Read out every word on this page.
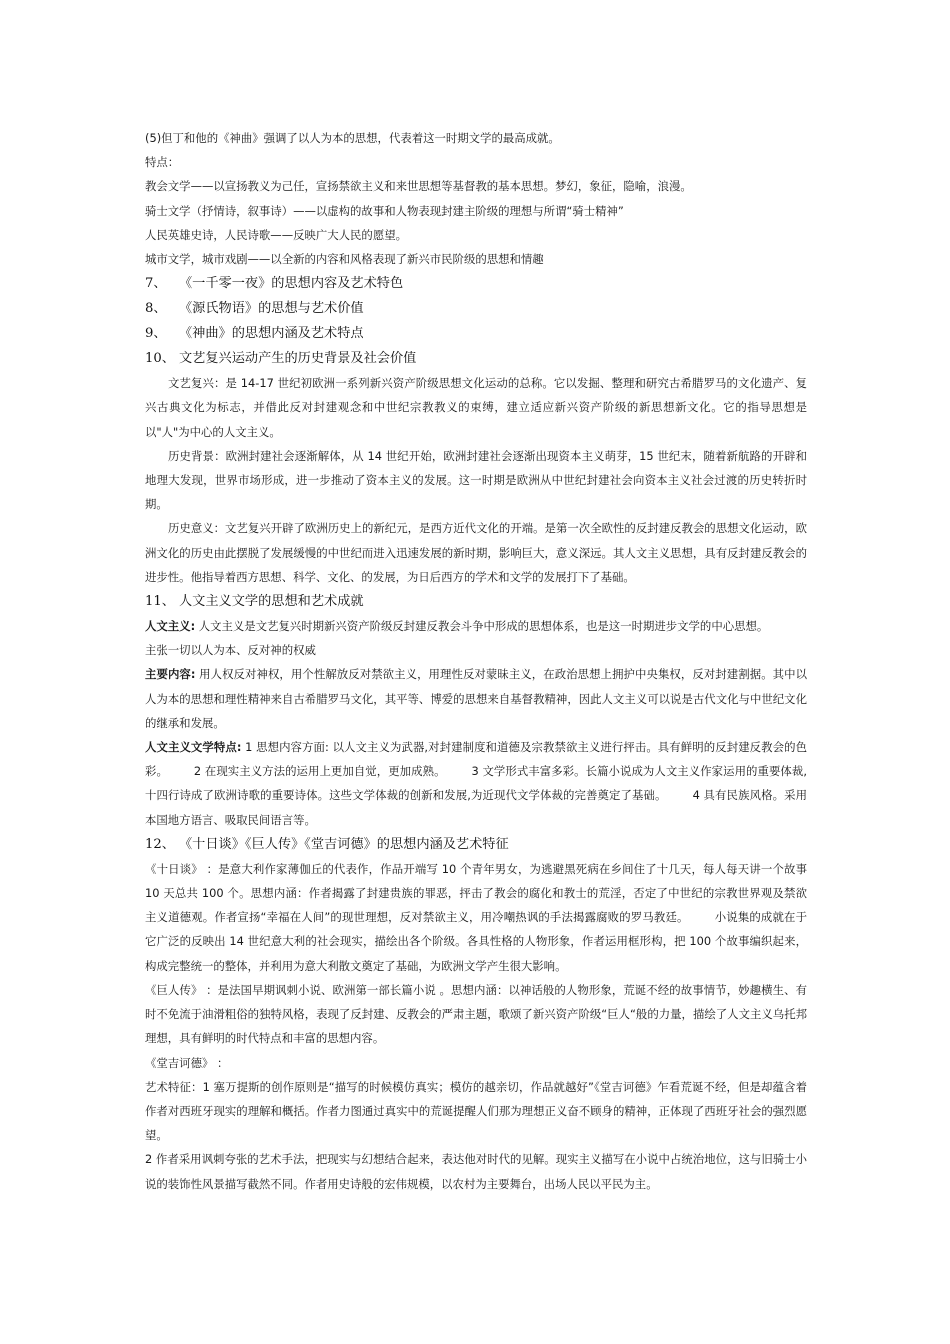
(5)但丁和他的《神曲》强调了以人为本的思想，代表着这一时期文学的最高成就。

特点：

教会文学——以宣扬教义为己任，宣扬禁欲主义和来世思想等基督教的基本思想。梦幻，象征，隐喻，浪漫。

骑士文学（抒情诗，叙事诗）——以虚构的故事和人物表现封建主阶级的理想与所谓“骑士精神”

人民英雄史诗，人民诗歌——反映广大人民的愿望。

城市文学，城市戏剧——以全新的内容和风格表现了新兴市民阶级的思想和情趣

7、 《一千零一夜》的思想内容及艺术特色

8、 《源氏物语》的思想与艺术价值

9、 《神曲》的思想内涵及艺术特点

10、 文艺复兴运动产生的历史背景及社会价值

文艺复兴：是 14-17 世纪初欧洲一系列新兴资产阶级思想文化运动的总称。它以发掘、整理和研究古希腊罗马的文化遗产、复兴古典文化为标志，并借此反对封建观念和中世纪宗教教义的束缚，建立适应新兴资产阶级的新思想新文化。它的指导思想是以"人"为中心的人文主义。

历史背景：欧洲封建社会逐渐解体，从 14 世纪开始，欧洲封建社会逐渐出现资本主义萌芽，15 世纪末，随着新航路的开辟和地理大发现，世界市场形成，进一步推动了资本主义的发展。这一时期是欧洲从中世纪封建社会向资本主义社会过渡的历史转折时期。

历史意义：文艺复兴开辟了欧洲历史上的新纪元，是西方近代文化的开端。是第一次全欧性的反封建反教会的思想文化运动，欧洲文化的历史由此摆脱了发展缓慢的中世纪而进入迅速发展的新时期，影响巨大，意义深远。其人文主义思想，具有反封建反教会的进步性。他指导着西方思想、科学、文化、的发展，为日后西方的学术和文学的发展打下了基础。

11、 人文主义文学的思想和艺术成就

人文主义: 人文主义是文艺复兴时期新兴资产阶级反封建反教会斗争中形成的思想体系，也是这一时期进步文学的中心思想。

主张一切以人为本、反对神的权威

主要内容: 用人权反对神权，用个性解放反对禁欲主义，用理性反对蒙昧主义，在政治思想上拥护中央集权，反对封建割据。其中以人为本的思想和理性精神来自古希腊罗马文化，其平等、博爱的思想来自基督教精神，因此人文主义可以说是古代文化与中世纪文化的继承和发展。

人文主义文学特点: 1 思想内容方面: 以人文主义为武器,对封建制度和道德及宗教禁欲主义进行抨击。具有鲜明的反封建反教会的色彩。 2 在现实主义方法的运用上更加自觉，更加成熟。 3 文学形式丰富多彩。长篇小说成为人文主义作家运用的重要体裁,十四行诗成了欧洲诗歌的重要诗体。这些文学体裁的创新和发展,为近现代文学体裁的完善奠定了基础。 4 具有民族风格。采用本国地方语言、吸取民间语言等。

12、 《十日谈》《巨人传》《堂吉诃德》的思想内涵及艺术特征

《十日谈》 ：是意大利作家薄伽丘的代表作，作品开端写 10 个青年男女，为逃避黑死病在乡间住了十几天，每人每天讲一个故事 10 天总共 100 个。思想内涵：作者揭露了封建贵族的罪恶，抨击了教会的腐化和教士的荒淫，否定了中世纪的宗教世界观及禁欲主义道德观。作者宣扬“幸福在人间”的现世理想，反对禁欲主义，用冷嘲热讽的手法揭露腐败的罗马教廷。 小说集的成就在于它广泛的反映出 14 世纪意大利的社会现实，描绘出各个阶级。各具性格的人物形象，作者运用框形构，把 100 个故事编织起来，构成完整统一的整体，并利用为意大利散文奠定了基础，为欧洲文学产生很大影响。

《巨人传》 ：是法国早期讽刺小说、欧洲第一部长篇小说 。思想内涵：以神话般的人物形象，荒诞不经的故事情节，妙趣横生、有时不免流于油滑粗俗的独特风格，表现了反封建、反教会的严肃主题，歌颂了新兴资产阶级“巨人“般的力量，描绘了人文主义乌托邦理想，具有鲜明的时代特点和丰富的思想内容。

《堂吉诃德》 ：

艺术特征：1 塞万提斯的创作原则是“描写的时候模仿真实；模仿的越亲切，作品就越好”《堂吉诃德》乍看荒诞不经，但是却蕴含着作者对西班牙现实的理解和概括。作者力图通过真实中的荒诞提醒人们那为理想正义奋不顾身的精神，正体现了西班牙社会的强烈愿望。

2 作者采用讽刺夸张的艺术手法，把现实与幻想结合起来，表达他对时代的见解。现实主义描写在小说中占统治地位，这与旧骑士小说的装饰性风景描写截然不同。作者用史诗般的宏伟规模，以农村为主要舞台，出场人民以平民为主。
